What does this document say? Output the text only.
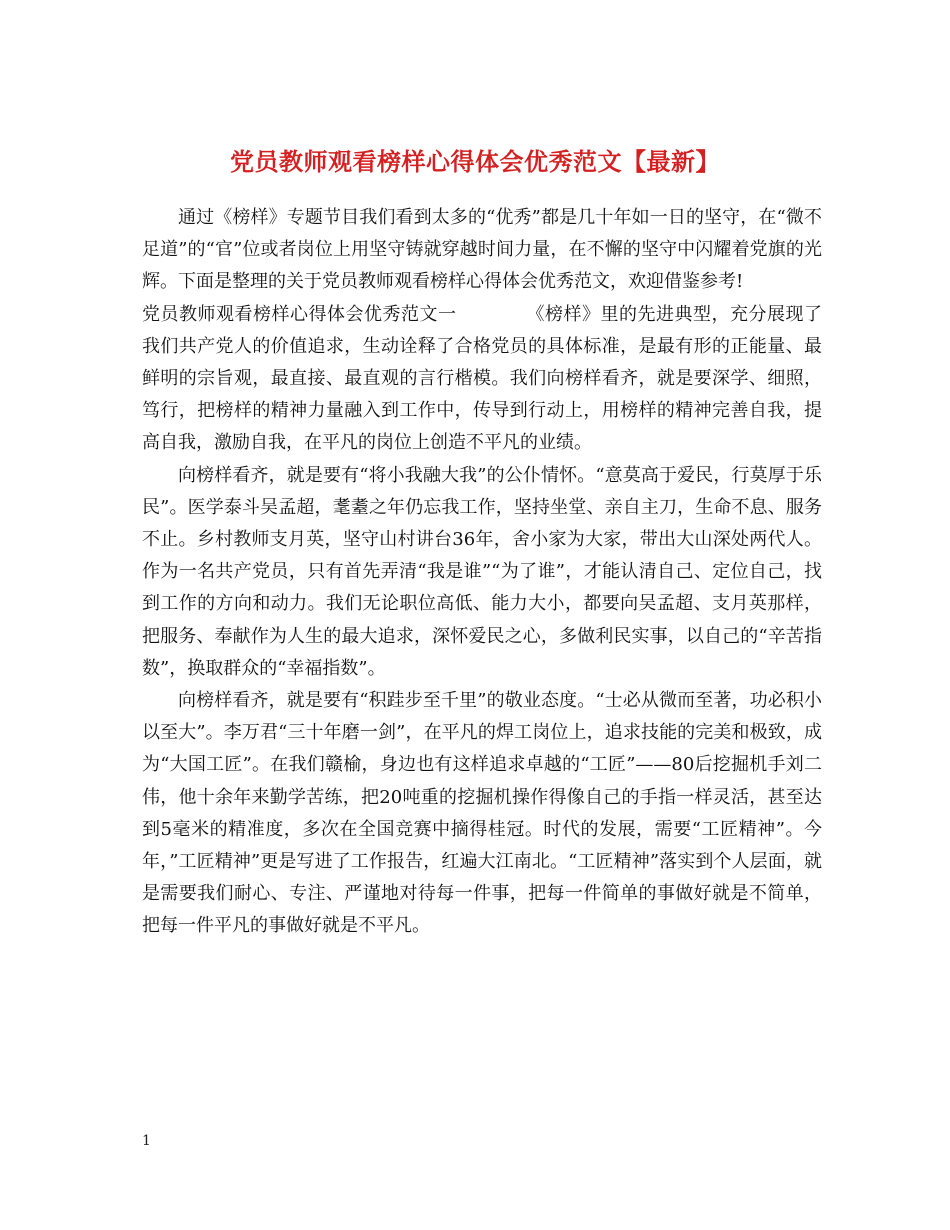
党员教师观看榜样心得体会优秀范文【最新】

通过《榜样》专题节目我们看到太多的“优秀”都是几十年如一日的坚守，在“微不足道”的“官”位或者岗位上用坚守铸就穿越时间力量，在不懈的坚守中闪耀着党旗的光辉。下面是整理的关于党员教师观看榜样心得体会优秀范文，欢迎借鉴参考!

党员教师观看榜样心得体会优秀范文一	《榜样》里的先进典型，充分展现了我们共产党人的价值追求，生动诠释了合格党员的具体标准，是最有形的正能量、最鲜明的宗旨观，最直接、最直观的言行楷模。我们向榜样看齐，就是要深学、细照，笃行，把榜样的精神力量融入到工作中，传导到行动上，用榜样的精神完善自我，提高自我，激励自我，在平凡的岗位上创造不平凡的业绩。

向榜样看齐，就是要有“将小我融大我”的公仆情怀。“意莫高于爱民，行莫厚于乐民”。医学泰斗吴孟超，耄耋之年仍忘我工作，坚持坐堂、亲自主刀，生命不息、服务不止。乡村教师支月英，坚守山村讲台36年，舍小家为大家，带出大山深处两代人。作为一名共产党员，只有首先弄清“我是谁”“为了谁”，才能认清自己、定位自己，找到工作的方向和动力。我们无论职位高低、能力大小，都要向吴孟超、支月英那样，把服务、奉献作为人生的最大追求，深怀爱民之心，多做利民实事，以自己的“辛苦指数”，换取群众的“幸福指数”。

向榜样看齐，就是要有“积跬步至千里”的敬业态度。“士必从微而至著，功必积小以至大”。李万君“三十年磨一剑”，在平凡的焊工岗位上，追求技能的完美和极致，成为“大国工匠”。在我们赣榆，身边也有这样追求卓越的“工匠”——80后挖掘机手刘二伟，他十余年来勤学苦练，把20吨重的挖掘机操作得像自己的手指一样灵活，甚至达到5毫米的精准度，多次在全国竞赛中摘得桂冠。时代的发展，需要“工匠精神”。今年，”工匠精神”更是写进了工作报告，红遍大江南北。“工匠精神”落实到个人层面，就是需要我们耐心、专注、严谨地对待每一件事，把每一件简单的事做好就是不简单，把每一件平凡的事做好就是不平凡。

1
